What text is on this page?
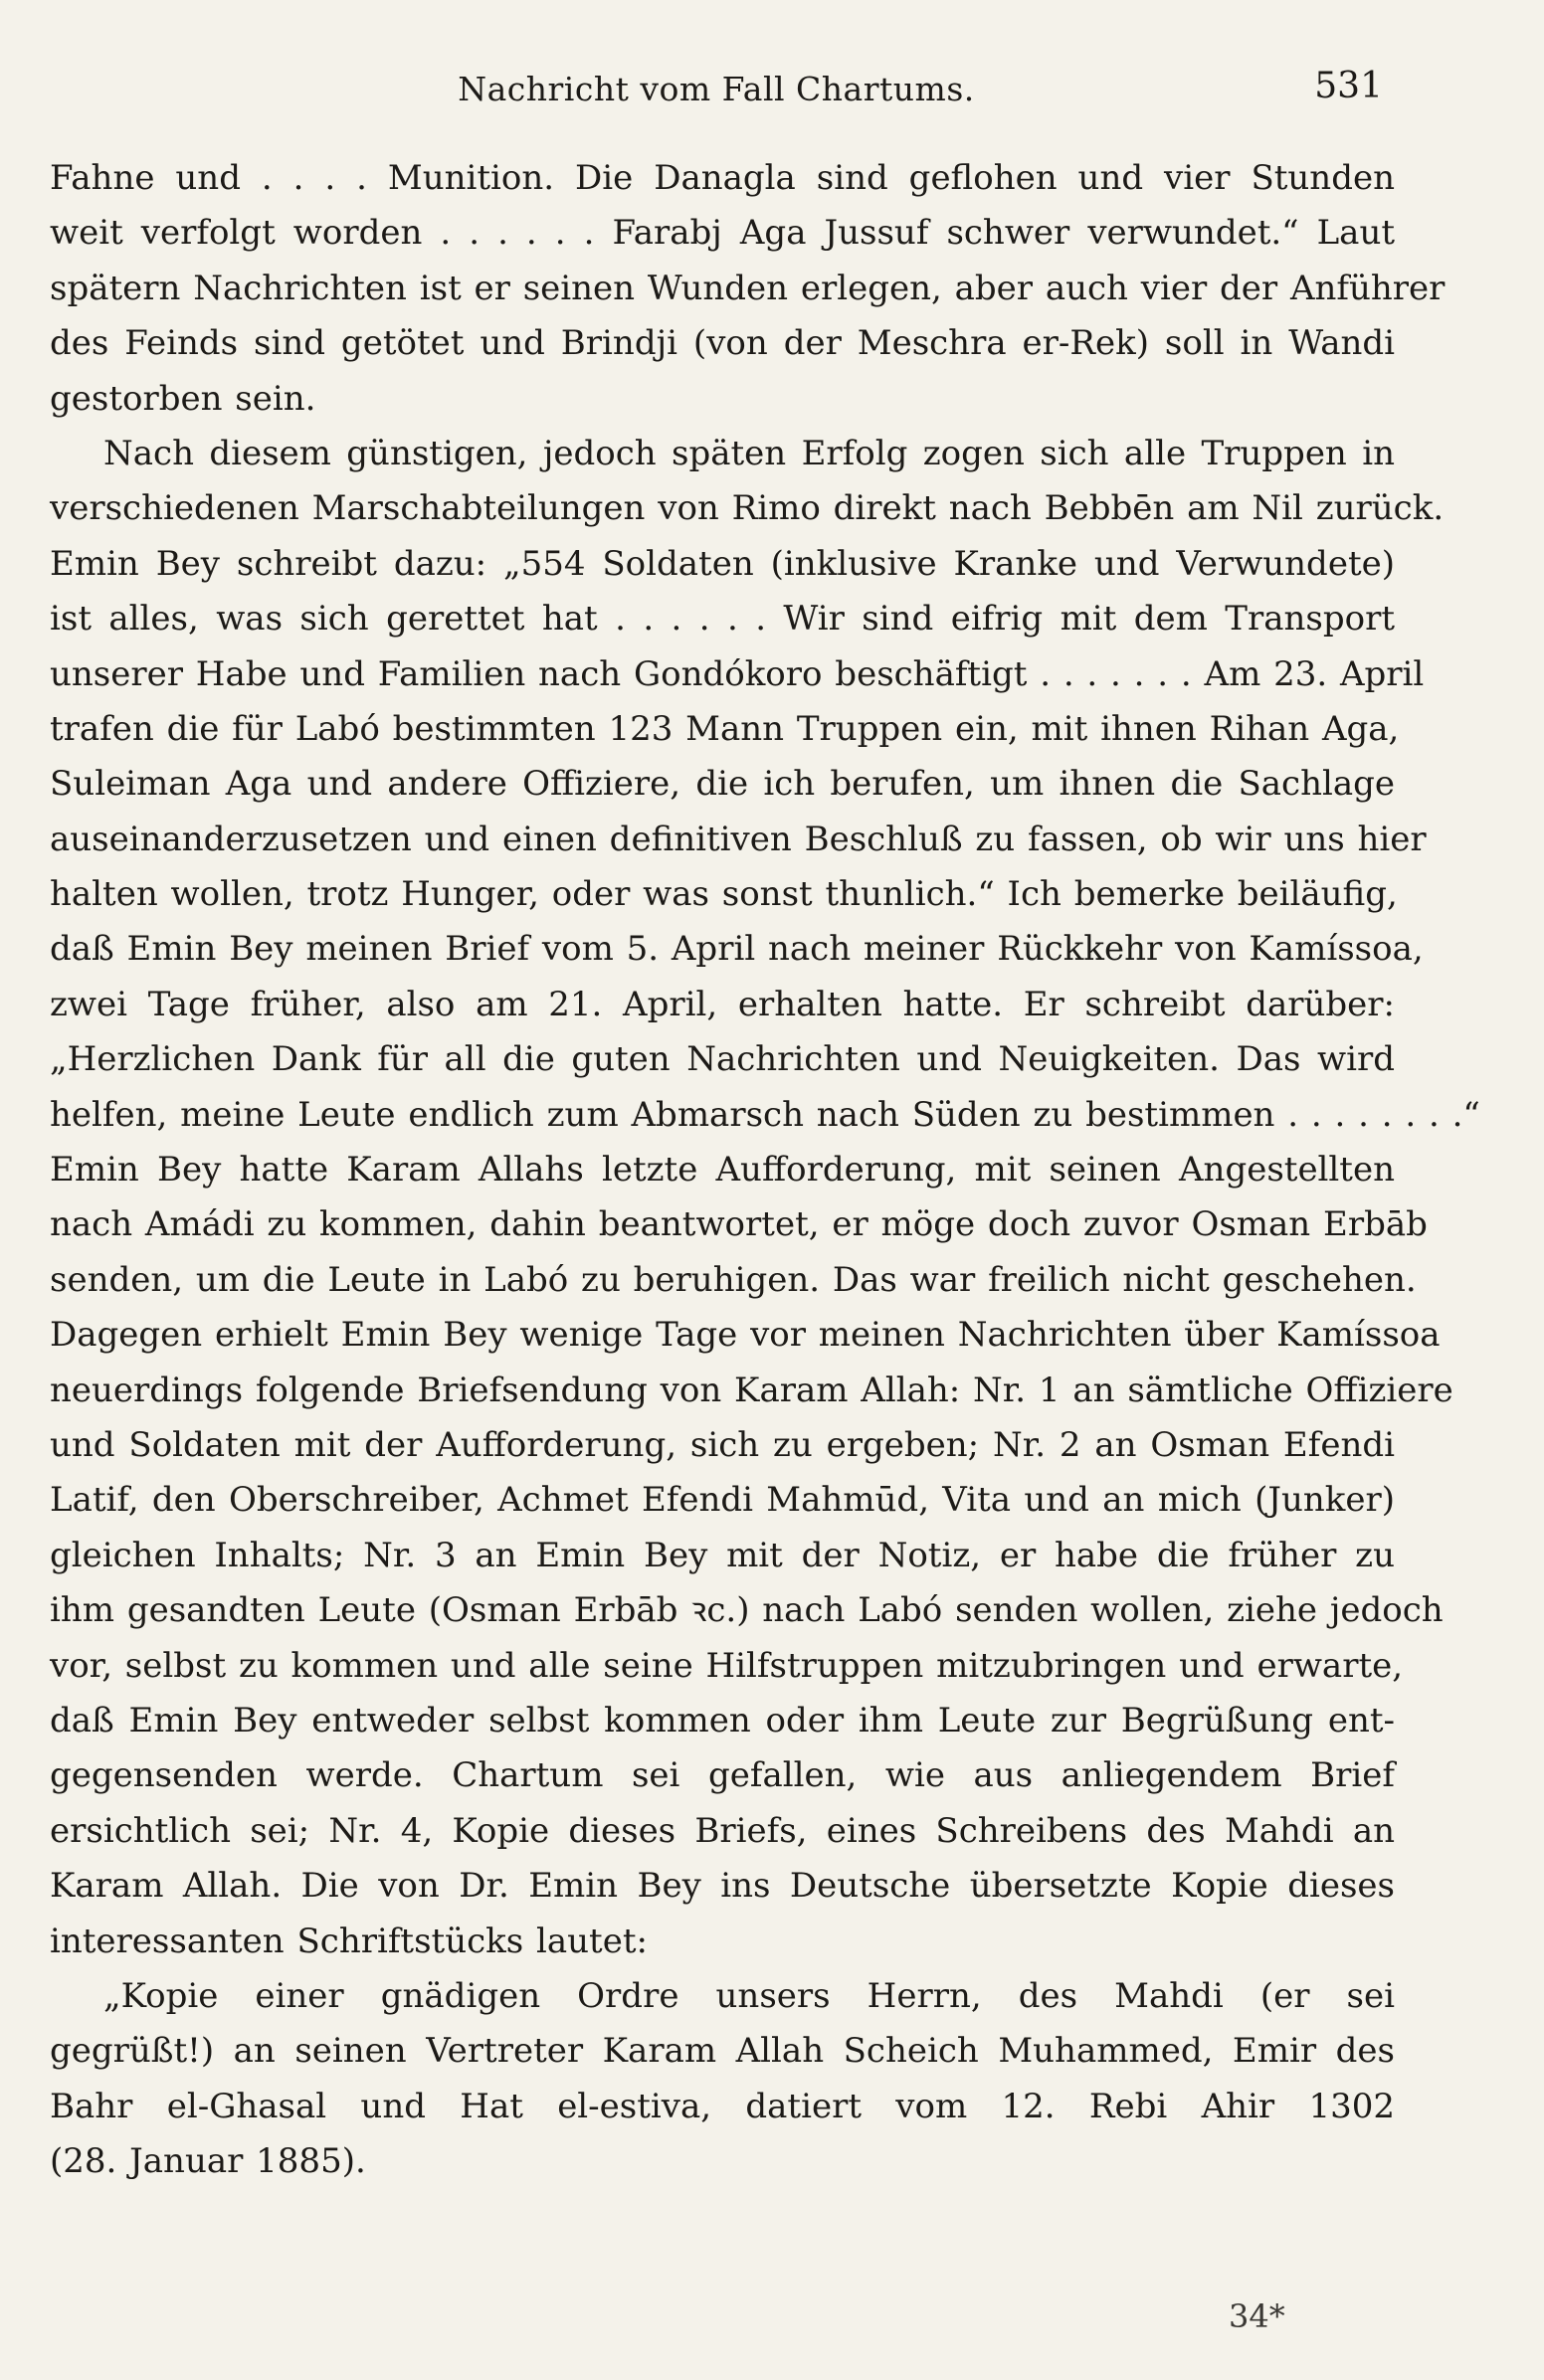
Nachricht vom Fall Chartums.	531
Fahne und . . . . Munition. Die Danagla sind geflohen und vier Stunden
weit verfolgt worden . . . . . . Farabj Aga Jussuf schwer verwundet.“ Laut
spätern Nachrichten ist er seinen Wunden erlegen, aber auch vier der Anführer
des Feinds sind getötet und Brindji (von der Meschra er-Rek) soll in Wandi
gestorben sein.
Nach diesem günstigen, jedoch späten Erfolg zogen sich alle Truppen in
verschiedenen Marschabteilungen von Rimo direkt nach Bebbēn am Nil zurück.
Emin Bey schreibt dazu: „554 Soldaten (inklusive Kranke und Verwundete)
ist alles, was sich gerettet hat . . . . . . Wir sind eifrig mit dem Transport
unserer Habe und Familien nach Gondókoro beschäftigt . . . . . . . Am 23. April
trafen die für Labó bestimmten 123 Mann Truppen ein, mit ihnen Rihan Aga,
Suleiman Aga und andere Offiziere, die ich berufen, um ihnen die Sachlage
auseinanderzusetzen und einen definitiven Beschluß zu fassen, ob wir uns hier
halten wollen, trotz Hunger, oder was sonst thunlich.“ Ich bemerke beiläufig,
daß Emin Bey meinen Brief vom 5. April nach meiner Rückkehr von Kamíssoa,
zwei Tage früher, also am 21. April, erhalten hatte. Er schreibt darüber:
„Herzlichen Dank für all die guten Nachrichten und Neuigkeiten. Das wird
helfen, meine Leute endlich zum Abmarsch nach Süden zu bestimmen . . . . . . . .“
Emin Bey hatte Karam Allahs letzte Aufforderung, mit seinen Angestellten
nach Amádi zu kommen, dahin beantwortet, er möge doch zuvor Osman Erbāb
senden, um die Leute in Labó zu beruhigen. Das war freilich nicht geschehen.
Dagegen erhielt Emin Bey wenige Tage vor meinen Nachrichten über Kamíssoa
neuerdings folgende Briefsendung von Karam Allah: Nr. 1 an sämtliche Offiziere
und Soldaten mit der Aufforderung, sich zu ergeben; Nr. 2 an Osman Efendi
Latif, den Oberschreiber, Achmet Efendi Mahmūd, Vita und an mich (Junker)
gleichen Inhalts; Nr. 3 an Emin Bey mit der Notiz, er habe die früher zu
ihm gesandten Leute (Osman Erbāb ꝛc.) nach Labó senden wollen, ziehe jedoch
vor, selbst zu kommen und alle seine Hilfstruppen mitzubringen und erwarte,
daß Emin Bey entweder selbst kommen oder ihm Leute zur Begrüßung ent-
gegensenden werde. Chartum sei gefallen, wie aus anliegendem Brief
ersichtlich sei; Nr. 4, Kopie dieses Briefs, eines Schreibens des Mahdi an
Karam Allah. Die von Dr. Emin Bey ins Deutsche übersetzte Kopie dieses
interessanten Schriftstücks lautet:
„Kopie einer gnädigen Ordre unsers Herrn, des Mahdi (er sei
gegrüßt!) an seinen Vertreter Karam Allah Scheich Muhammed, Emir des
Bahr el-Ghasal und Hat el-estiva, datiert vom 12. Rebi Ahir 1302
(28. Januar 1885).
34*
